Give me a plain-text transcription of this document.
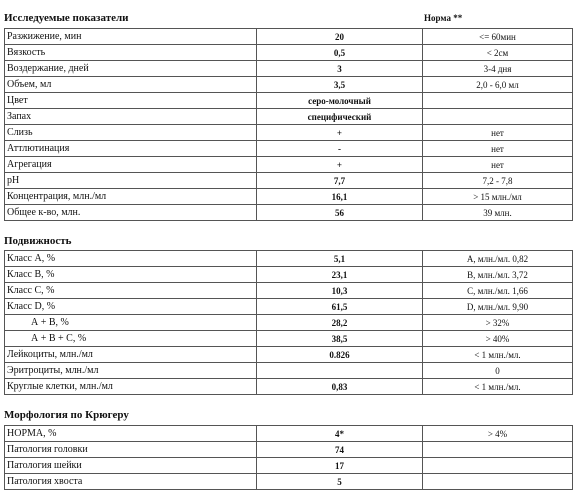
Исследуемые показатели	Норма **
Разжижение, мин	20	<= 60мин
Вязкость	0,5	< 2см
Воздержание, дней	3	3-4 дня
Объем, мл	3,5	2,0 - 6,0 мл
Цвет	серо-молочный	
Запах	специфический	
Слизь	+	нет
Аттлютинация	-	нет
Агрегация	+	нет
pH	7,7	7,2 - 7,8
Концентрация, млн./мл	16,1	> 15 млн./мл
Общее к-во, млн.	56	39 млн.
Подвижность
Класс А, %	5,1	А, млн./мл. 0,82
Класс В, %	23,1	В, млн./мл. 3,72
Класс С, %	10,3	С, млн./мл. 1,66
Класс D, %	61,5	D, млн./мл. 9,90
А + В, %	28,2	> 32%
А + В + С, %	38,5	> 40%
Лейкоциты, млн./мл	0.826	< 1 млн./мл.
Эритроциты, млн./мл		0
Круглые клетки, млн./мл	0,83	< 1 млн./мл.
Морфология по Крюгеру
НОРМА, %	4*	> 4%
Патология головки	74	
Патология шейки	17	
Патология хвоста	5	
